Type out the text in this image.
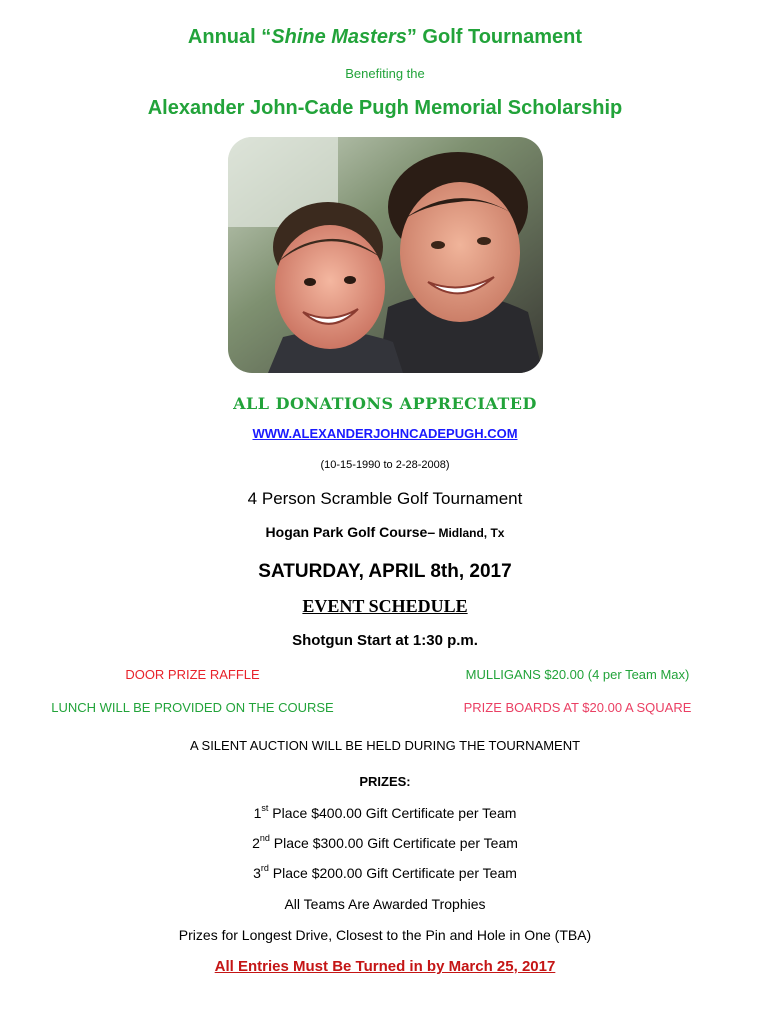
Annual “Shine Masters” Golf Tournament
Benefiting the
Alexander John-Cade Pugh Memorial Scholarship
ALL DONATIONS APPRECIATED
WWW.ALEXANDERJOHNCADEPUGH.COM
(10-15-1990 to 2-28-2008)
4 Person Scramble Golf Tournament
Hogan Park Golf Course– Midland, Tx
SATURDAY, APRIL 8th, 2017
EVENT SCHEDULE
Shotgun Start at 1:30 p.m.
DOOR PRIZE RAFFLE	MULLIGANS $20.00 (4 per Team Max)
LUNCH WILL BE PROVIDED ON THE COURSE	PRIZE BOARDS AT $20.00 A SQUARE
A SILENT AUCTION WILL BE HELD DURING THE TOURNAMENT
PRIZES:
1st Place $400.00 Gift Certificate per Team
2nd Place $300.00 Gift Certificate per Team
3rd Place $200.00 Gift Certificate per Team
All Teams Are Awarded Trophies
Prizes for Longest Drive, Closest to the Pin and Hole in One (TBA)
All Entries Must Be Turned in by March 25, 2017
